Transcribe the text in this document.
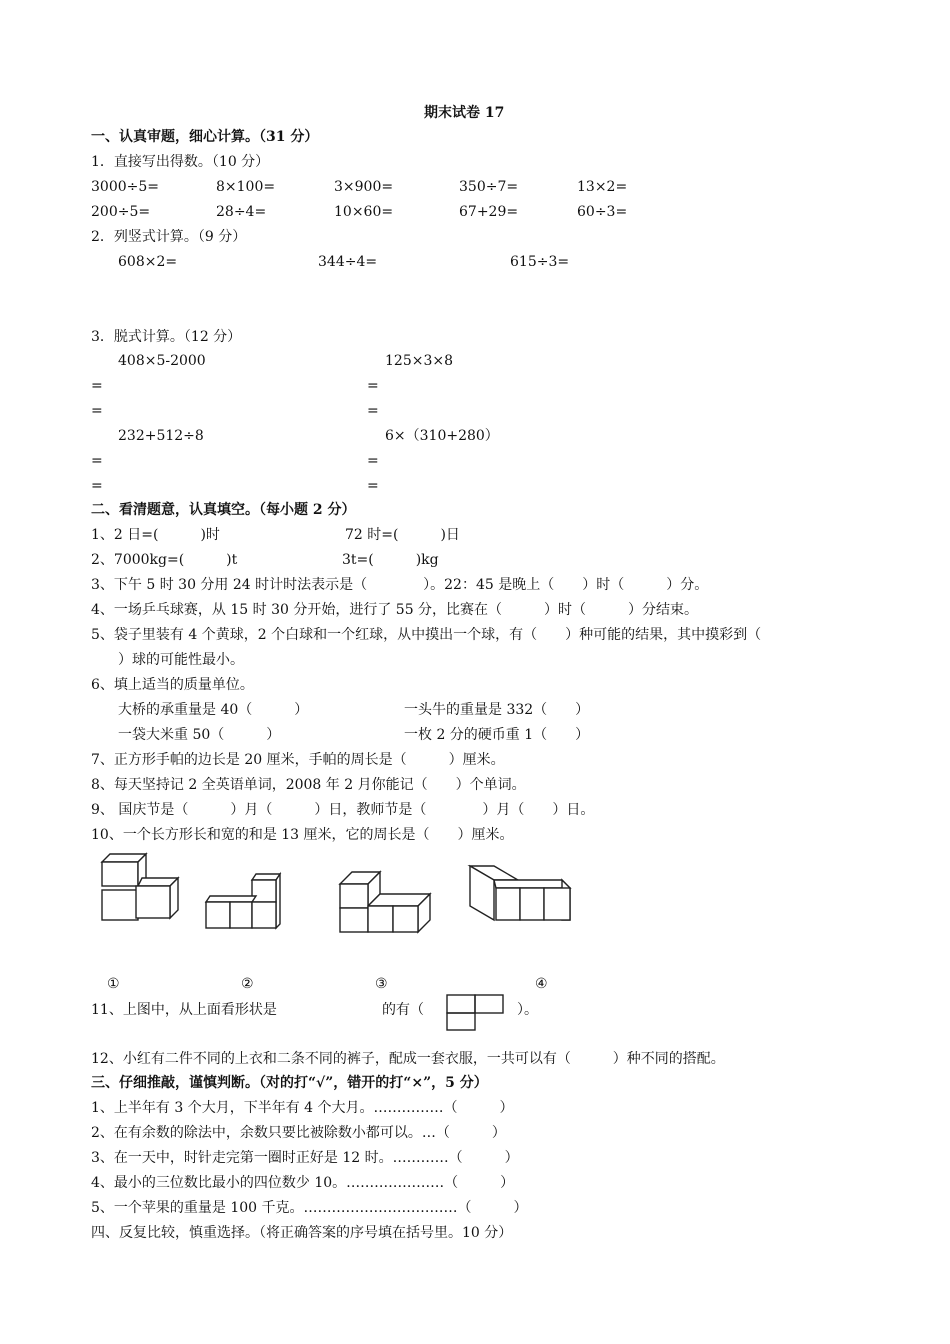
期末试卷 17
一、认真审题，细心计算。（31 分）
1．直接写出得数。（10 分）
3000÷5=	8×100=	3×900=	350÷7=	13×2=
200÷5=	28÷4=	10×60=	67+29=	60÷3=
2．列竖式计算。（9 分）
608×2=	344÷4=	615÷3=
3．脱式计算。（12 分）
408×5-2000	125×3×8
=	=
=	=
232+512÷8	6×（310+280）
=	=
=	=
二、看清题意，认真填空。（每小题 2 分）
1、2 日=(　　　)时	72 时=(　　　)日
2、7000kg=(　　　)t	3t=(　　　)kg
3、下午 5 时 30 分用 24 时计时法表示是（　　　　）。22：45 是晚上（　　）时（　　　）分。
4、一场乒乓球赛，从 15 时 30 分开始，进行了 55 分，比赛在（　　　）时（　　　）分结束。
5、袋子里装有 4 个黄球，2 个白球和一个红球，从中摸出一个球，有（　　）种可能的结果，其中摸彩到（
）球的可能性最小。
6、填上适当的质量单位。
大桥的承重量是 40（　　　）	一头牛的重量是 332（　　）
一袋大米重 50（　　　）	一枚 2 分的硬币重 1（　　）
7、正方形手帕的边长是 20 厘米，手帕的周长是（　　　）厘米。
8、每天坚持记 2 全英语单词，2008 年 2 月你能记（　　）个单词。
9、 国庆节是（　　　）月（　　　）日，教师节是（　　　　）月（　　）日。
10、一个长方形长和宽的和是 13 厘米，它的周长是（　　）厘米。
①	②	③	④
11、上图中，从上面看形状是	的有（	）。
12、小红有二件不同的上衣和二条不同的裤子，配成一套衣服，一共可以有（　　　）种不同的搭配。
三、仔细推敲，谨慎判断。（对的打“√”，错开的打“×”，5 分）
1、上半年有 3 个大月，下半年有 4 个大月。……………（　　　）
2、在有余数的除法中，余数只要比被除数小都可以。…（　　　）
3、在一天中，时针走完第一圈时正好是 12 时。…………（　　　）
4、最小的三位数比最小的四位数少 10。…………………（　　　）
5、一个苹果的重量是 100 千克。……………………………（　　　）
四、反复比较，慎重选择。（将正确答案的序号填在括号里。10 分）
